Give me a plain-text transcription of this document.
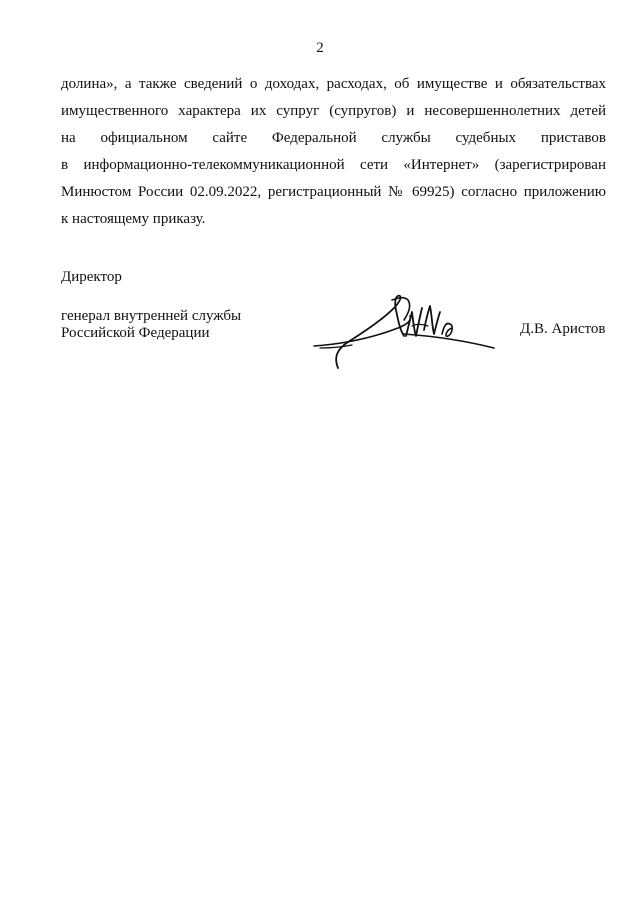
2
долина», а также сведений о доходах, расходах, об имуществе и обязательствах
имущественного характера их супруг (супругов) и несовершеннолетних детей
на официальном сайте Федеральной службы судебных приставов
в информационно-телекоммуникационной сети «Интернет» (зарегистрирован
Минюстом России 02.09.2022, регистрационный № 69925) согласно приложению
к настоящему приказу.
Директор
генерал внутренней службы
Российской Федерации	Д.В. Аристов
